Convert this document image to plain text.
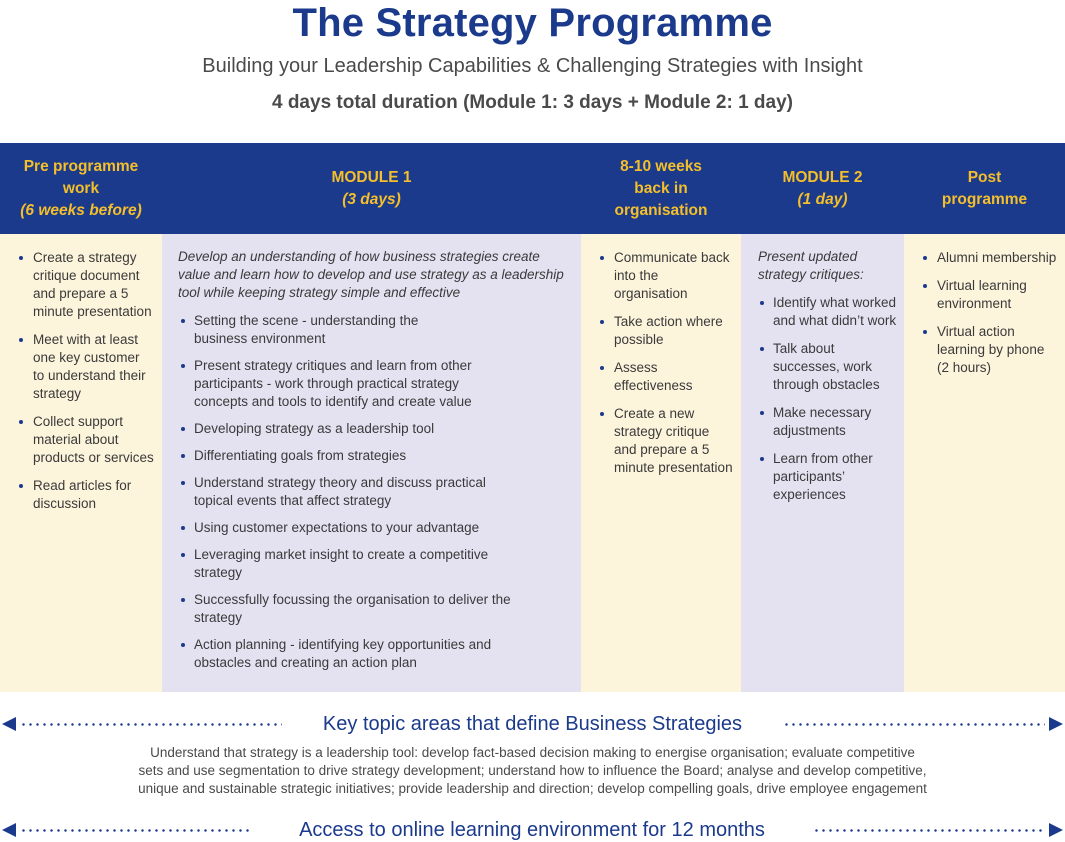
The Strategy Programme
Building your Leadership Capabilities & Challenging Strategies with Insight
4 days total duration (Module 1: 3 days + Module 2: 1 day)
Pre programme
work
(6 weeks before)
MODULE 1
(3 days)
8-10 weeks
back in
organisation
MODULE 2
(1 day)
Post
programme
Create a strategy critique document and prepare a 5 minute presentation
Meet with at least one key customer to understand their strategy
Collect support material about products or services
Read articles for discussion
Develop an understanding of how business strategies create value and learn how to develop and use strategy as a leadership tool while keeping strategy simple and effective
Setting the scene - understanding the business environment
Present strategy critiques and learn from other participants - work through practical strategy concepts and tools to identify and create value
Developing strategy as a leadership tool
Differentiating goals from strategies
Understand strategy theory and discuss practical topical events that affect strategy
Using customer expectations to your advantage
Leveraging market insight to create a competitive strategy
Successfully focussing the organisation to deliver the strategy
Action planning - identifying key opportunities and obstacles and creating an action plan
Communicate back into the organisation
Take action where possible
Assess effectiveness
Create a new strategy critique and prepare a 5 minute presentation
Present updated strategy critiques:
Identify what worked and what didn’t work
Talk about successes, work through obstacles
Make necessary adjustments
Learn from other participants’ experiences
Alumni membership
Virtual learning environment
Virtual action learning by phone (2 hours)
Key topic areas that define Business Strategies
Understand that strategy is a leadership tool: develop fact-based decision making to energise organisation; evaluate competitive
sets and use segmentation to drive strategy development; understand how to influence the Board; analyse and develop competitive,
unique and sustainable strategic initiatives; provide leadership and direction; develop compelling goals, drive employee engagement
Access to online learning environment for 12 months
